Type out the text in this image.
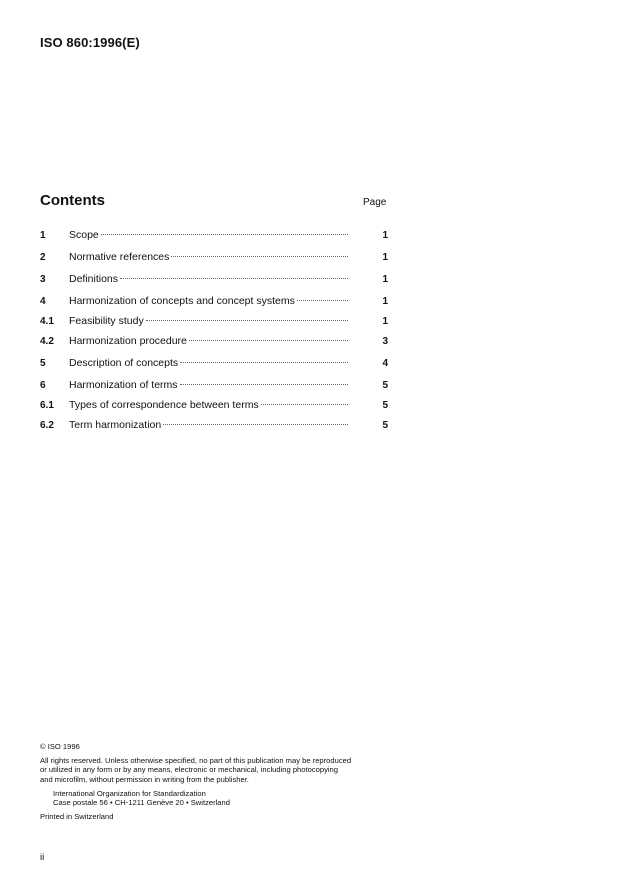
ISO 860:1996(E)
Contents	Page
1	Scope	1
2	Normative references	1
3	Definitions	1
4	Harmonization of concepts and concept systems	1
4.1	Feasibility study	1
4.2	Harmonization procedure	3
5	Description of concepts	4
6	Harmonization of terms	5
6.1	Types of correspondence between terms	5
6.2	Term harmonization	5
© ISO 1996
All rights reserved. Unless otherwise specified, no part of this publication may be reproduced
or utilized in any form or by any means, electronic or mechanical, including photocopying
and microfilm, without permission in writing from the publisher.
International Organization for Standardization
Case postale 56 • CH-1211 Genève 20 • Switzerland
Printed in Switzerland
ii
